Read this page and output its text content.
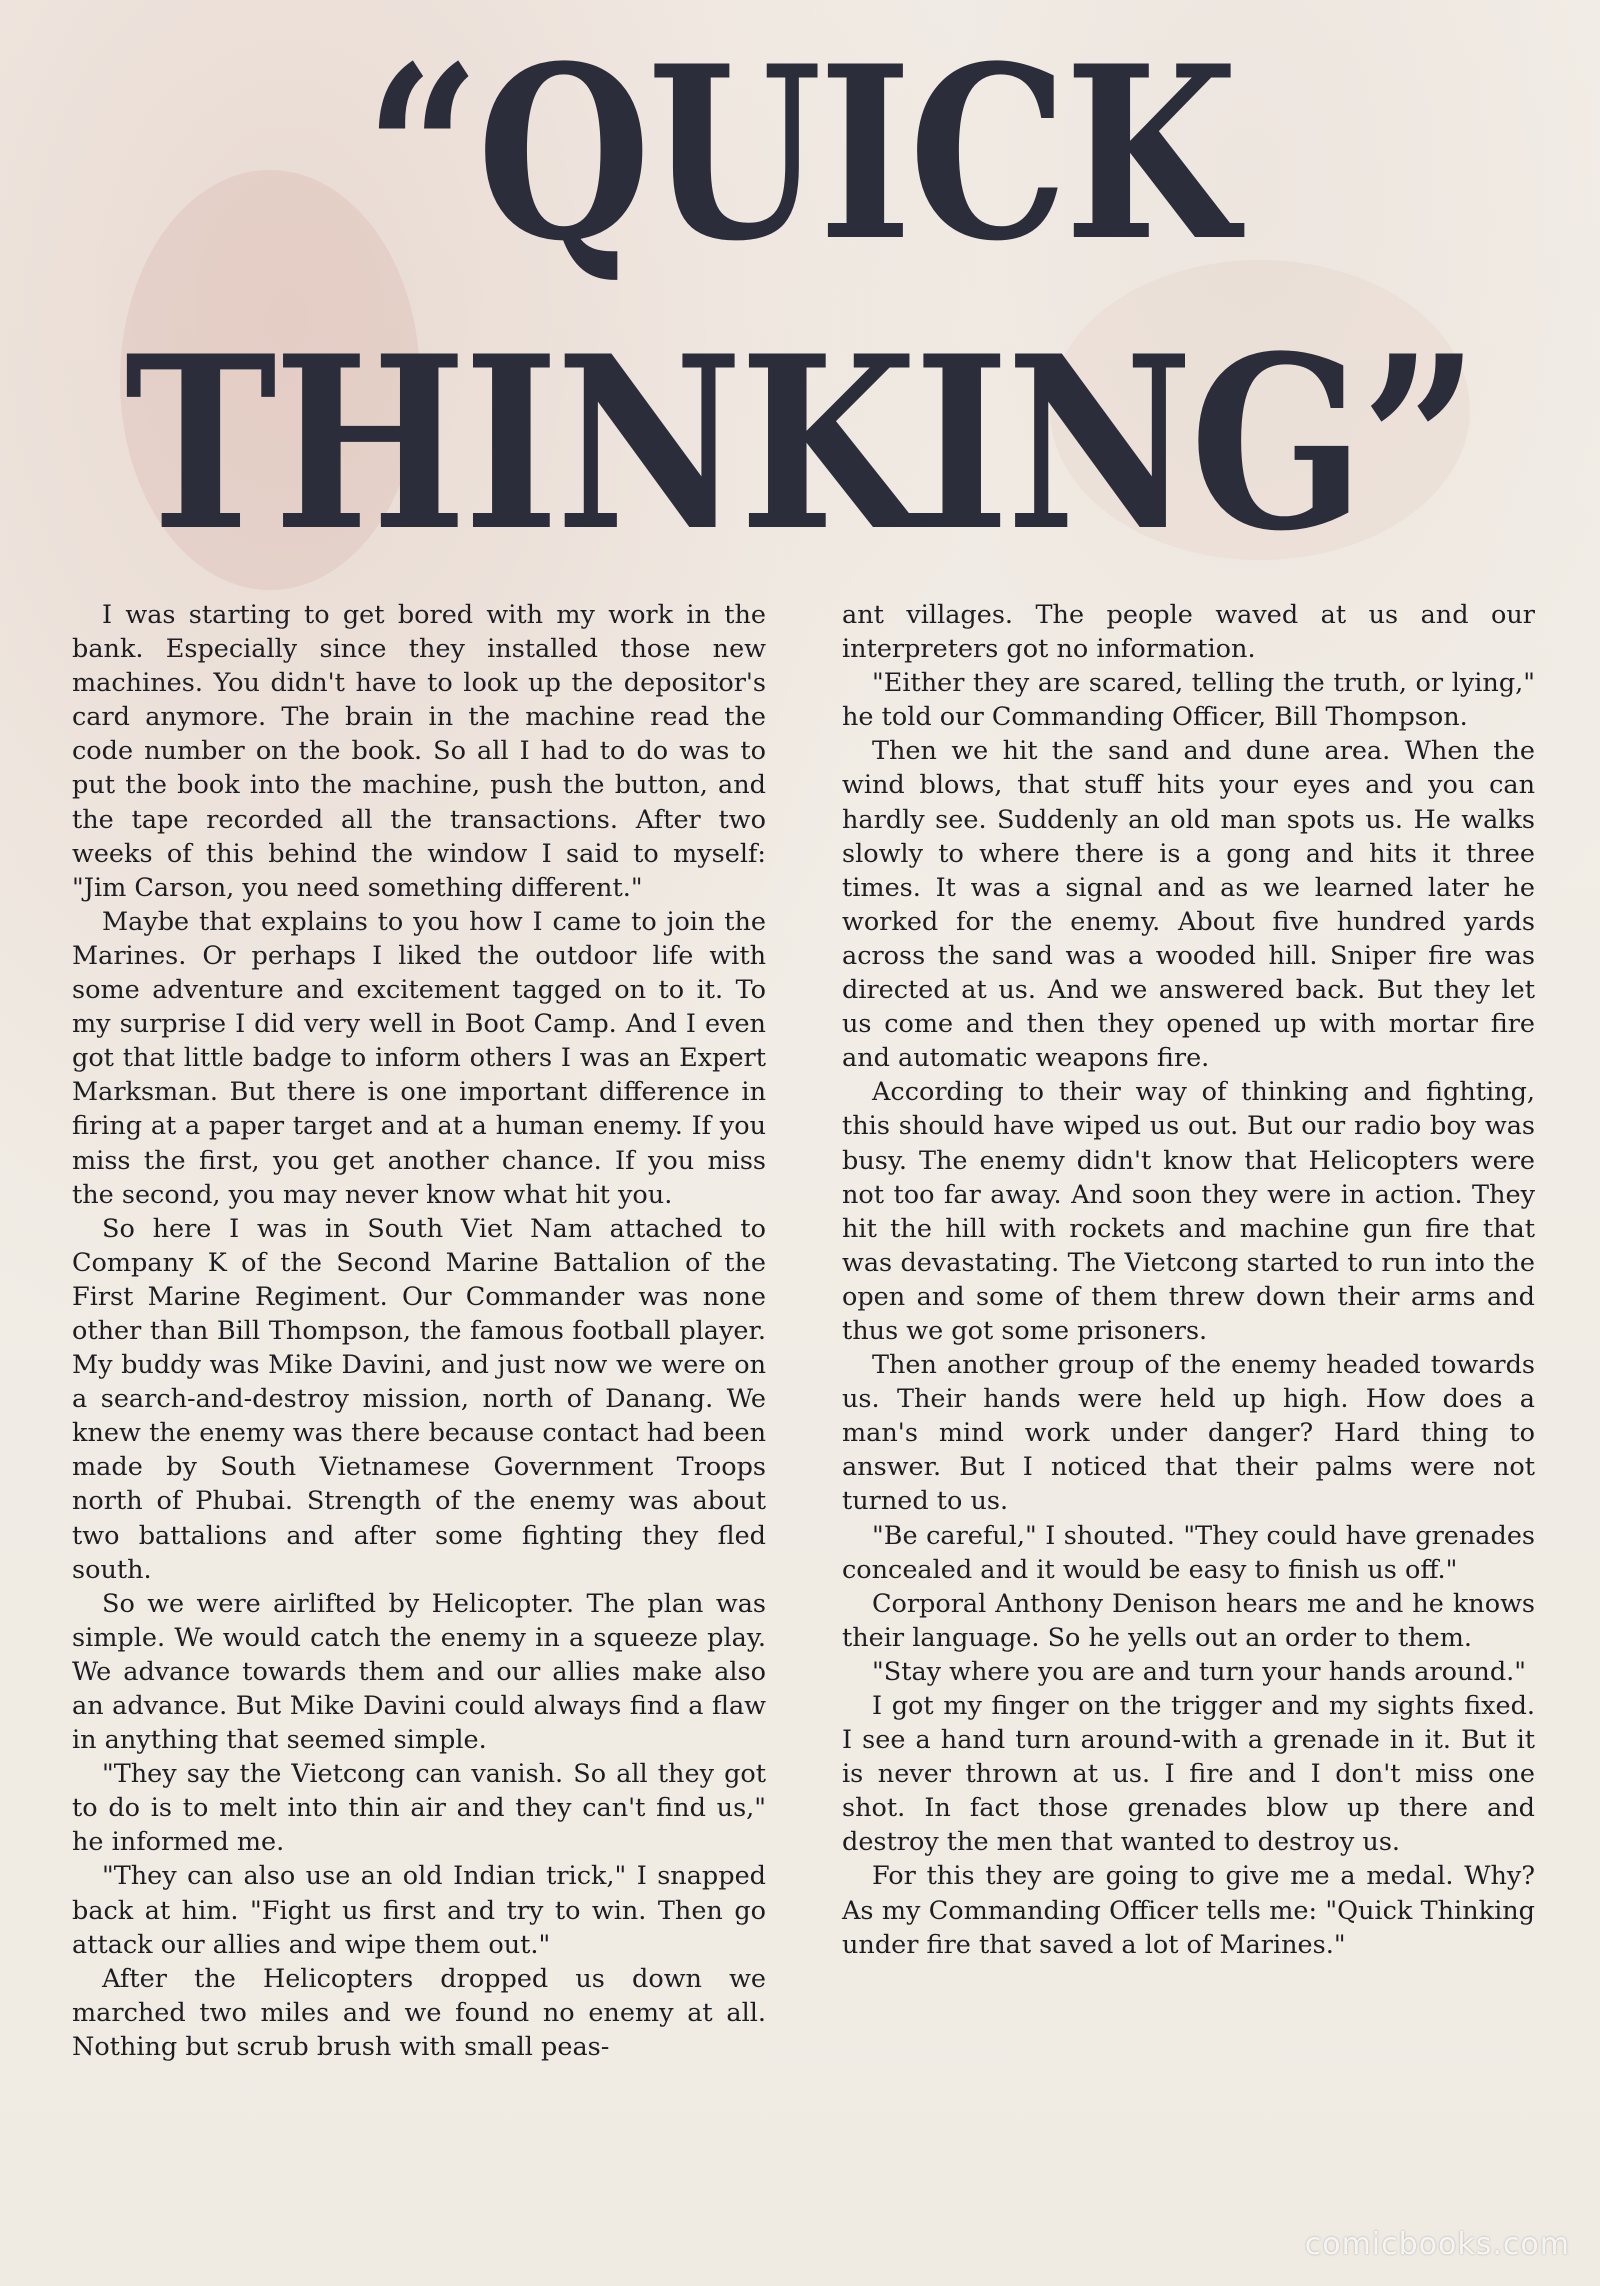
“QUICK
THINKING”

I was starting to get bored with my work in the bank. Especially since they installed those new machines. You didn't have to look up the depositor's card anymore. The brain in the machine read the code number on the book. So all I had to do was to put the book into the machine, push the button, and the tape recorded all the transactions. After two weeks of this behind the window I said to myself: "Jim Carson, you need something different."

Maybe that explains to you how I came to join the Marines. Or perhaps I liked the outdoor life with some adventure and excitement tagged on to it. To my surprise I did very well in Boot Camp. And I even got that little badge to inform others I was an Expert Marksman. But there is one important difference in firing at a paper target and at a human enemy. If you miss the first, you get another chance. If you miss the second, you may never know what hit you.

So here I was in South Viet Nam attached to Company K of the Second Marine Battalion of the First Marine Regiment. Our Commander was none other than Bill Thompson, the famous football player. My buddy was Mike Davini, and just now we were on a search-and-destroy mission, north of Danang. We knew the enemy was there because contact had been made by South Vietnamese Government Troops north of Phubai. Strength of the enemy was about two battalions and after some fighting they fled south.

So we were airlifted by Helicopter. The plan was simple. We would catch the enemy in a squeeze play. We advance towards them and our allies make also an advance. But Mike Davini could always find a flaw in anything that seemed simple.

"They say the Vietcong can vanish. So all they got to do is to melt into thin air and they can't find us," he informed me.

"They can also use an old Indian trick," I snapped back at him. "Fight us first and try to win. Then go attack our allies and wipe them out."

After the Helicopters dropped us down we marched two miles and we found no enemy at all. Nothing but scrub brush with small peas-

ant villages. The people waved at us and our interpreters got no information.

"Either they are scared, telling the truth, or lying," he told our Commanding Officer, Bill Thompson.

Then we hit the sand and dune area. When the wind blows, that stuff hits your eyes and you can hardly see. Suddenly an old man spots us. He walks slowly to where there is a gong and hits it three times. It was a signal and as we learned later he worked for the enemy. About five hundred yards across the sand was a wooded hill. Sniper fire was directed at us. And we answered back. But they let us come and then they opened up with mortar fire and automatic weapons fire.

According to their way of thinking and fighting, this should have wiped us out. But our radio boy was busy. The enemy didn't know that Helicopters were not too far away. And soon they were in action. They hit the hill with rockets and machine gun fire that was devastating. The Vietcong started to run into the open and some of them threw down their arms and thus we got some prisoners.

Then another group of the enemy headed towards us. Their hands were held up high. How does a man's mind work under danger? Hard thing to answer. But I noticed that their palms were not turned to us.

"Be careful," I shouted. "They could have grenades concealed and it would be easy to finish us off."

Corporal Anthony Denison hears me and he knows their language. So he yells out an order to them.

"Stay where you are and turn your hands around."

I got my finger on the trigger and my sights fixed. I see a hand turn around-with a grenade in it. But it is never thrown at us. I fire and I don't miss one shot. In fact those grenades blow up there and destroy the men that wanted to destroy us.

For this they are going to give me a medal. Why? As my Commanding Officer tells me: "Quick Thinking under fire that saved a lot of Marines."

comicbooks.com
